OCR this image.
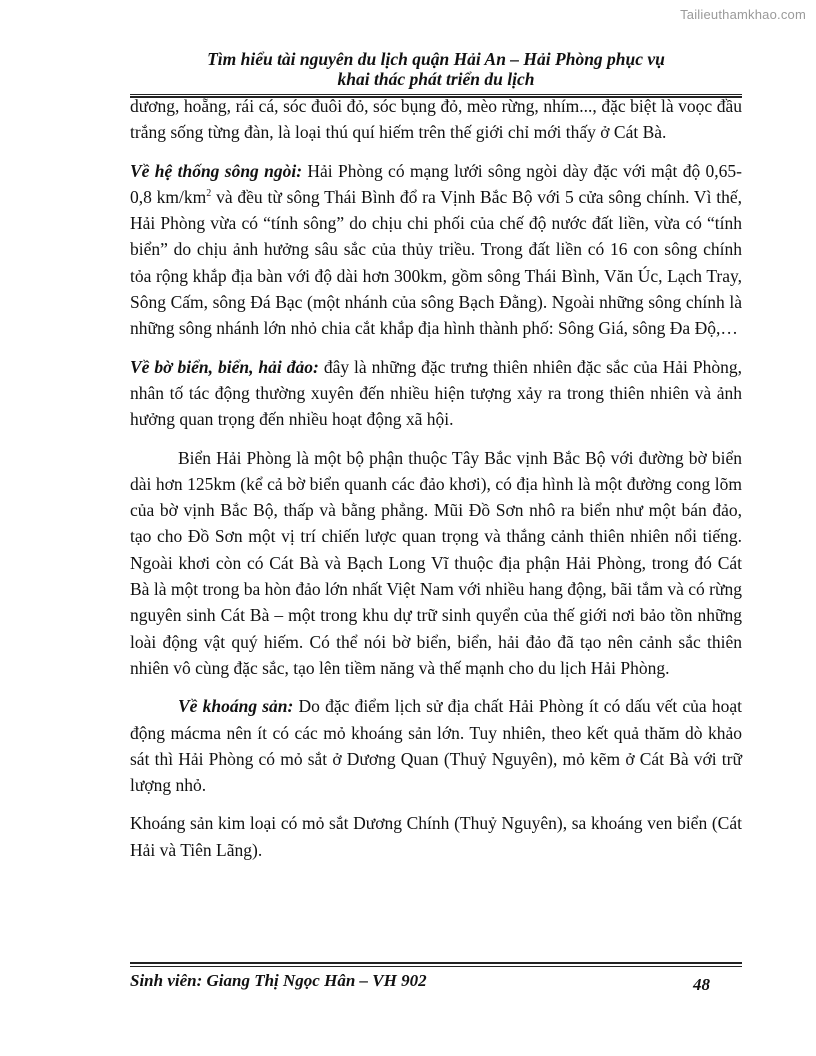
Tailieuthamkhao.com
Tìm hiểu tài nguyên du lịch quận Hải An – Hải Phòng phục vụ
khai thác phát triển du lịch

dương, hoẵng, rái cá, sóc đuôi đỏ, sóc bụng đỏ, mèo rừng, nhím..., đặc biệt là voọc đầu trắng sống từng đàn, là loại thú quí hiếm trên thế giới chỉ mới thấy ở Cát Bà.

Về hệ thống sông ngòi: Hải Phòng có mạng lưới sông ngòi dày đặc với mật độ 0,65- 0,8 $km/km^2$ và đều từ sông Thái Bình đổ ra Vịnh Bắc Bộ với 5 cửa sông chính. Vì thế, Hải Phòng vừa có “tính sông” do chịu chi phối của chế độ nước đất liền, vừa có “tính biển” do chịu ảnh hưởng sâu sắc của thủy triều. Trong đất liền có 16 con sông chính tỏa rộng khắp địa bàn với độ dài hơn 300km, gồm sông Thái Bình, Văn Úc, Lạch Tray, Sông Cấm, sông Đá Bạc (một nhánh của sông Bạch Đằng). Ngoài những sông chính là những sông nhánh lớn nhỏ chia cắt khắp địa hình thành phố: Sông Giá, sông Đa Độ,…

Về bờ biển, biển, hải đảo: đây là những đặc trưng thiên nhiên đặc sắc của Hải Phòng, nhân tố tác động thường xuyên đến nhiều hiện tượng xảy ra trong thiên nhiên và ảnh hưởng quan trọng đến nhiều hoạt động xã hội.

Biển Hải Phòng là một bộ phận thuộc Tây Bắc vịnh Bắc Bộ với đường bờ biển dài hơn 125km (kể cả bờ biển quanh các đảo khơi), có địa hình là một đường cong lõm của bờ vịnh Bắc Bộ, thấp và bằng phẳng. Mũi Đồ Sơn nhô ra biển như một bán đảo, tạo cho Đồ Sơn một vị trí chiến lược quan trọng và thắng cảnh thiên nhiên nổi tiếng. Ngoài khơi còn có Cát Bà và Bạch Long Vĩ thuộc địa phận Hải Phòng, trong đó Cát Bà là một trong ba hòn đảo lớn nhất Việt Nam với nhiều hang động, bãi tắm và có rừng nguyên sinh Cát Bà – một trong khu dự trữ sinh quyển của thế giới nơi bảo tồn những loài động vật quý hiếm. Có thể nói bờ biển, biển, hải đảo đã tạo nên cảnh sắc thiên nhiên vô cùng đặc sắc, tạo lên tiềm năng và thế mạnh cho du lịch Hải Phòng.

Về khoáng sản: Do đặc điểm lịch sử địa chất Hải Phòng ít có dấu vết của hoạt động mácma nên ít có các mỏ khoáng sản lớn. Tuy nhiên, theo kết quả thăm dò khảo sát thì Hải Phòng có mỏ sắt ở Dương Quan (Thuỷ Nguyên), mỏ kẽm ở Cát Bà với trữ lượng nhỏ.

Khoáng sản kim loại có mỏ sắt Dương Chính (Thuỷ Nguyên), sa khoáng ven biển (Cát Hải và Tiên Lãng).

Sinh viên: Giang Thị Ngọc Hân – VH 902	48
